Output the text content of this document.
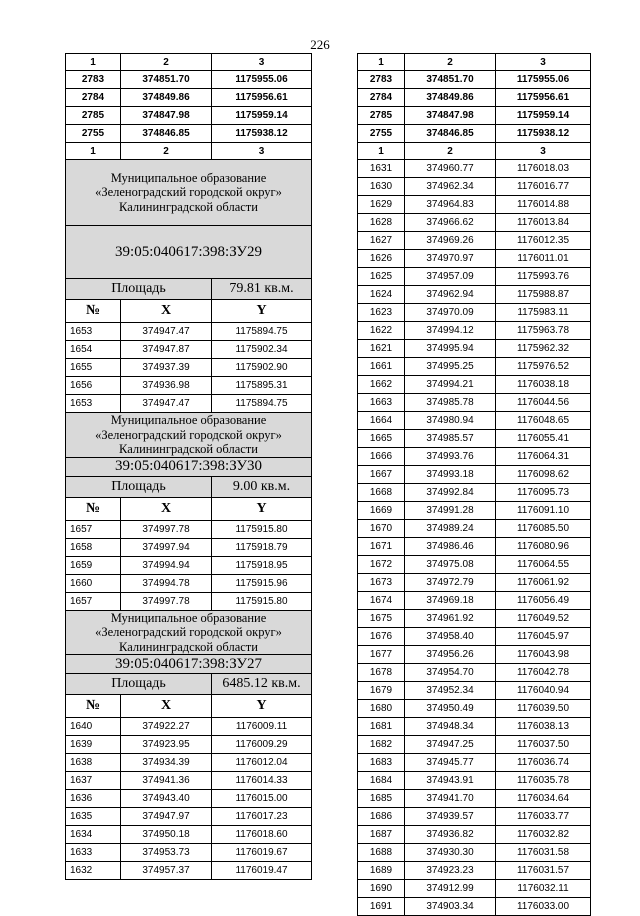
226
1	2	3
2783	374851.70	1175955.06
2784	374849.86	1175956.61
2785	374847.98	1175959.14
2755	374846.85	1175938.12
1	2	3
Муниципальное образование «Зеленоградский городской округ» Калининградской области		
39:05:040617:398:ЗУ29		
Площадь		79.81 кв.м.
№	X	Y
1653	374947.47	1175894.75
1654	374947.87	1175902.34
1655	374937.39	1175902.90
1656	374936.98	1175895.31
1653	374947.47	1175894.75
Муниципальное образование «Зеленоградский городской округ» Калининградской области		
39:05:040617:398:ЗУ30		
Площадь		9.00 кв.м.
№	X	Y
1657	374997.78	1175915.80
1658	374997.94	1175918.79
1659	374994.94	1175918.95
1660	374994.78	1175915.96
1657	374997.78	1175915.80
Муниципальное образование «Зеленоградский городской округ» Калининградской области		
39:05:040617:398:ЗУ27		
Площадь		6485.12 кв.м.
№	X	Y
1640	374922.27	1176009.11
1639	374923.95	1176009.29
1638	374934.39	1176012.04
1637	374941.36	1176014.33
1636	374943.40	1176015.00
1635	374947.97	1176017.23
1634	374950.18	1176018.60
1633	374953.73	1176019.67
1632	374957.37	1176019.47
1	2	3
2783	374851.70	1175955.06
2784	374849.86	1175956.61
2785	374847.98	1175959.14
2755	374846.85	1175938.12
1	2	3
1631	374960.77	1176018.03
1630	374962.34	1176016.77
1629	374964.83	1176014.88
1628	374966.62	1176013.84
1627	374969.26	1176012.35
1626	374970.97	1176011.01
1625	374957.09	1175993.76
1624	374962.94	1175988.87
1623	374970.09	1175983.11
1622	374994.12	1175963.78
1621	374995.94	1175962.32
1661	374995.25	1175976.52
1662	374994.21	1176038.18
1663	374985.78	1176044.56
1664	374980.94	1176048.65
1665	374985.57	1176055.41
1666	374993.76	1176064.31
1667	374993.18	1176098.62
1668	374992.84	1176095.73
1669	374991.28	1176091.10
1670	374989.24	1176085.50
1671	374986.46	1176080.96
1672	374975.08	1176064.55
1673	374972.79	1176061.92
1674	374969.18	1176056.49
1675	374961.92	1176049.52
1676	374958.40	1176045.97
1677	374956.26	1176043.98
1678	374954.70	1176042.78
1679	374952.34	1176040.94
1680	374950.49	1176039.50
1681	374948.34	1176038.13
1682	374947.25	1176037.50
1683	374945.77	1176036.74
1684	374943.91	1176035.78
1685	374941.70	1176034.64
1686	374939.57	1176033.77
1687	374936.82	1176032.82
1688	374930.30	1176031.58
1689	374923.23	1176031.57
1690	374912.99	1176032.11
1691	374903.34	1176033.00
